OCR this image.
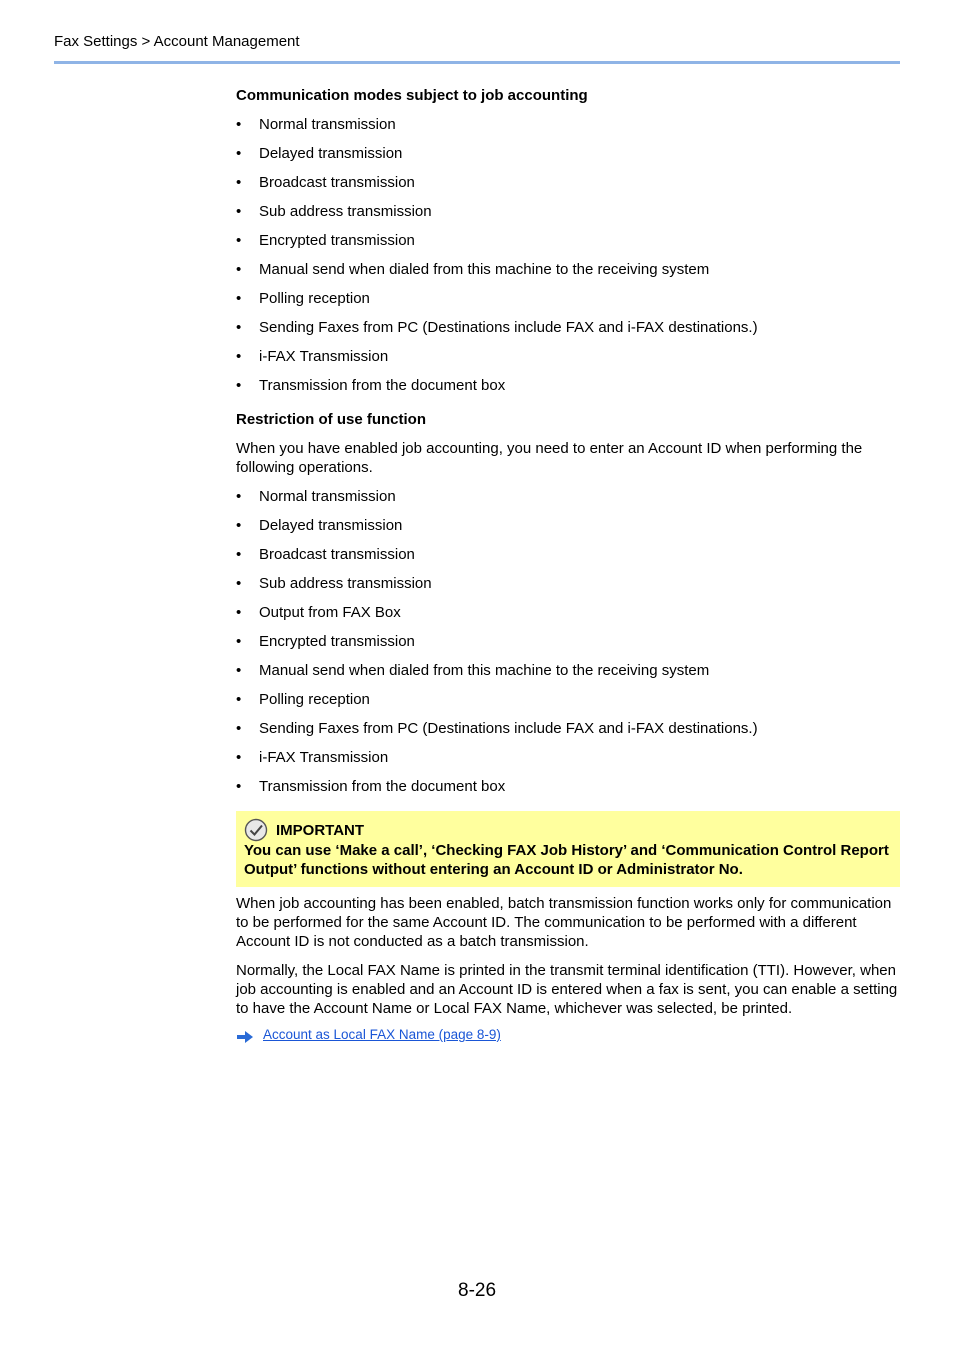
Fax Settings > Account Management
Communication modes subject to job accounting
• Normal transmission
• Delayed transmission
• Broadcast transmission
• Sub address transmission
• Encrypted transmission
• Manual send when dialed from this machine to the receiving system
• Polling reception
• Sending Faxes from PC (Destinations include FAX and i-FAX destinations.)
• i-FAX Transmission
• Transmission from the document box
Restriction of use function

When you have enabled job accounting, you need to enter an Account ID when performing the following operations.

• Normal transmission
• Delayed transmission
• Broadcast transmission
• Sub address transmission
• Output from FAX Box
• Encrypted transmission
• Manual send when dialed from this machine to the receiving system
• Polling reception
• Sending Faxes from PC (Destinations include FAX and i-FAX destinations.)
• i-FAX Transmission
• Transmission from the document box
IMPORTANT
You can use ‘Make a call’, ‘Checking FAX Job History’ and ‘Communication Control Report Output’ functions without entering an Account ID or Administrator No.

When job accounting has been enabled, batch transmission function works only for communication to be performed for the same Account ID. The communication to be performed with a different Account ID is not conducted as a batch transmission.

Normally, the Local FAX Name is printed in the transmit terminal identification (TTI). However, when job accounting is enabled and an Account ID is entered when a fax is sent, you can enable a setting to have the Account Name or Local FAX Name, whichever was selected, be printed.

Account as Local FAX Name (page 8-9)
8-26
